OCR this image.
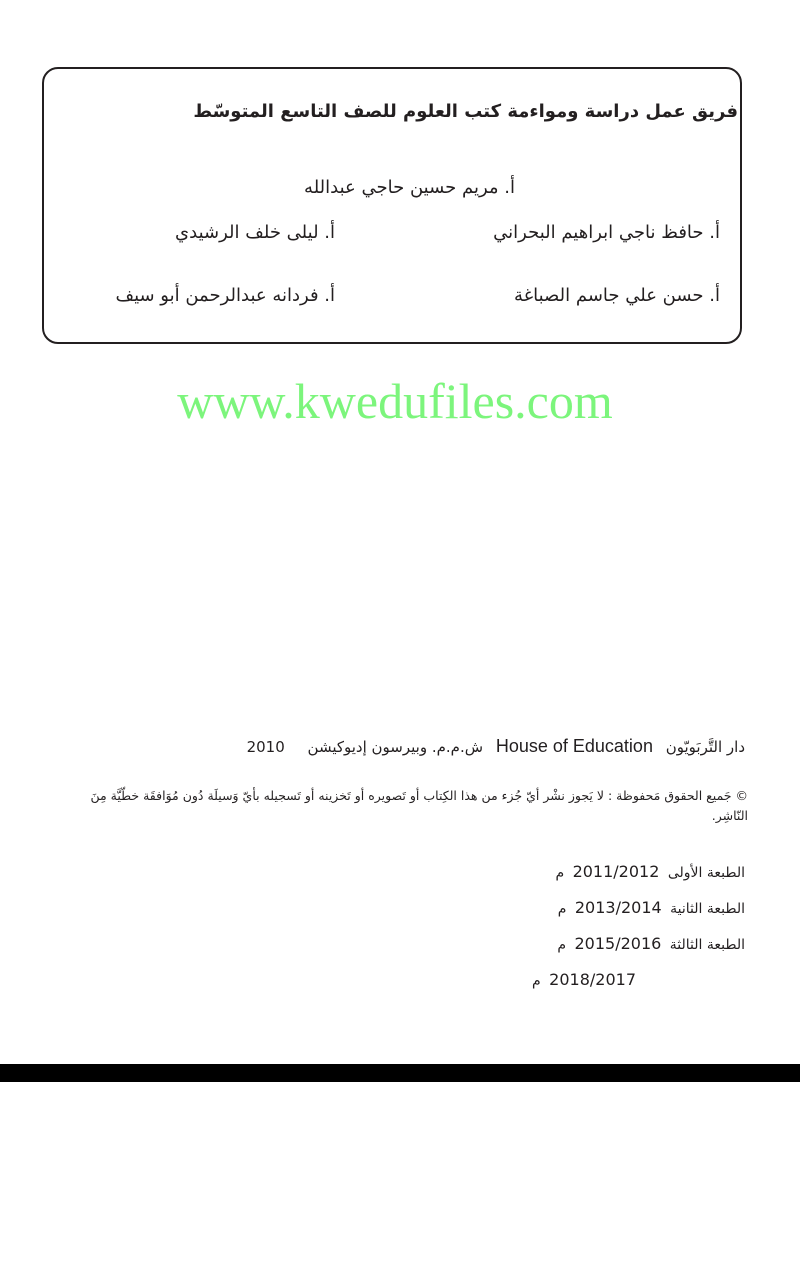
فريق عمل دراسة ومواءمة كتب العلوم للصف التاسع المتوسّط
أ. مريم حسين حاجي عبدالله
أ. حافظ ناجي ابراهيم البحراني
أ. ليلى خلف الرشيدي
أ. حسن علي جاسم الصباغة
أ. فردانه عبدالرحمن أبو سيف
www.kwedufiles.com
دار التَّربَويّون House of Education ش.م.م. وبيرسون إديوكيشن 2010
© جَميع الحقوق مَحفوظة : لا يَجوز نشْر أيّ جُزء من هذا الكِتاب أو تَصويره أو تَخزينه أو تَسجيله بأيّ وَسيلَة دُون مُوَافقَة خطّيَّة مِنَ النّاشِر.
الطبعة الأولى 2011/2012 م
الطبعة الثانية 2013/2014 م
الطبعة الثالثة 2015/2016 م
2018/2017 م
